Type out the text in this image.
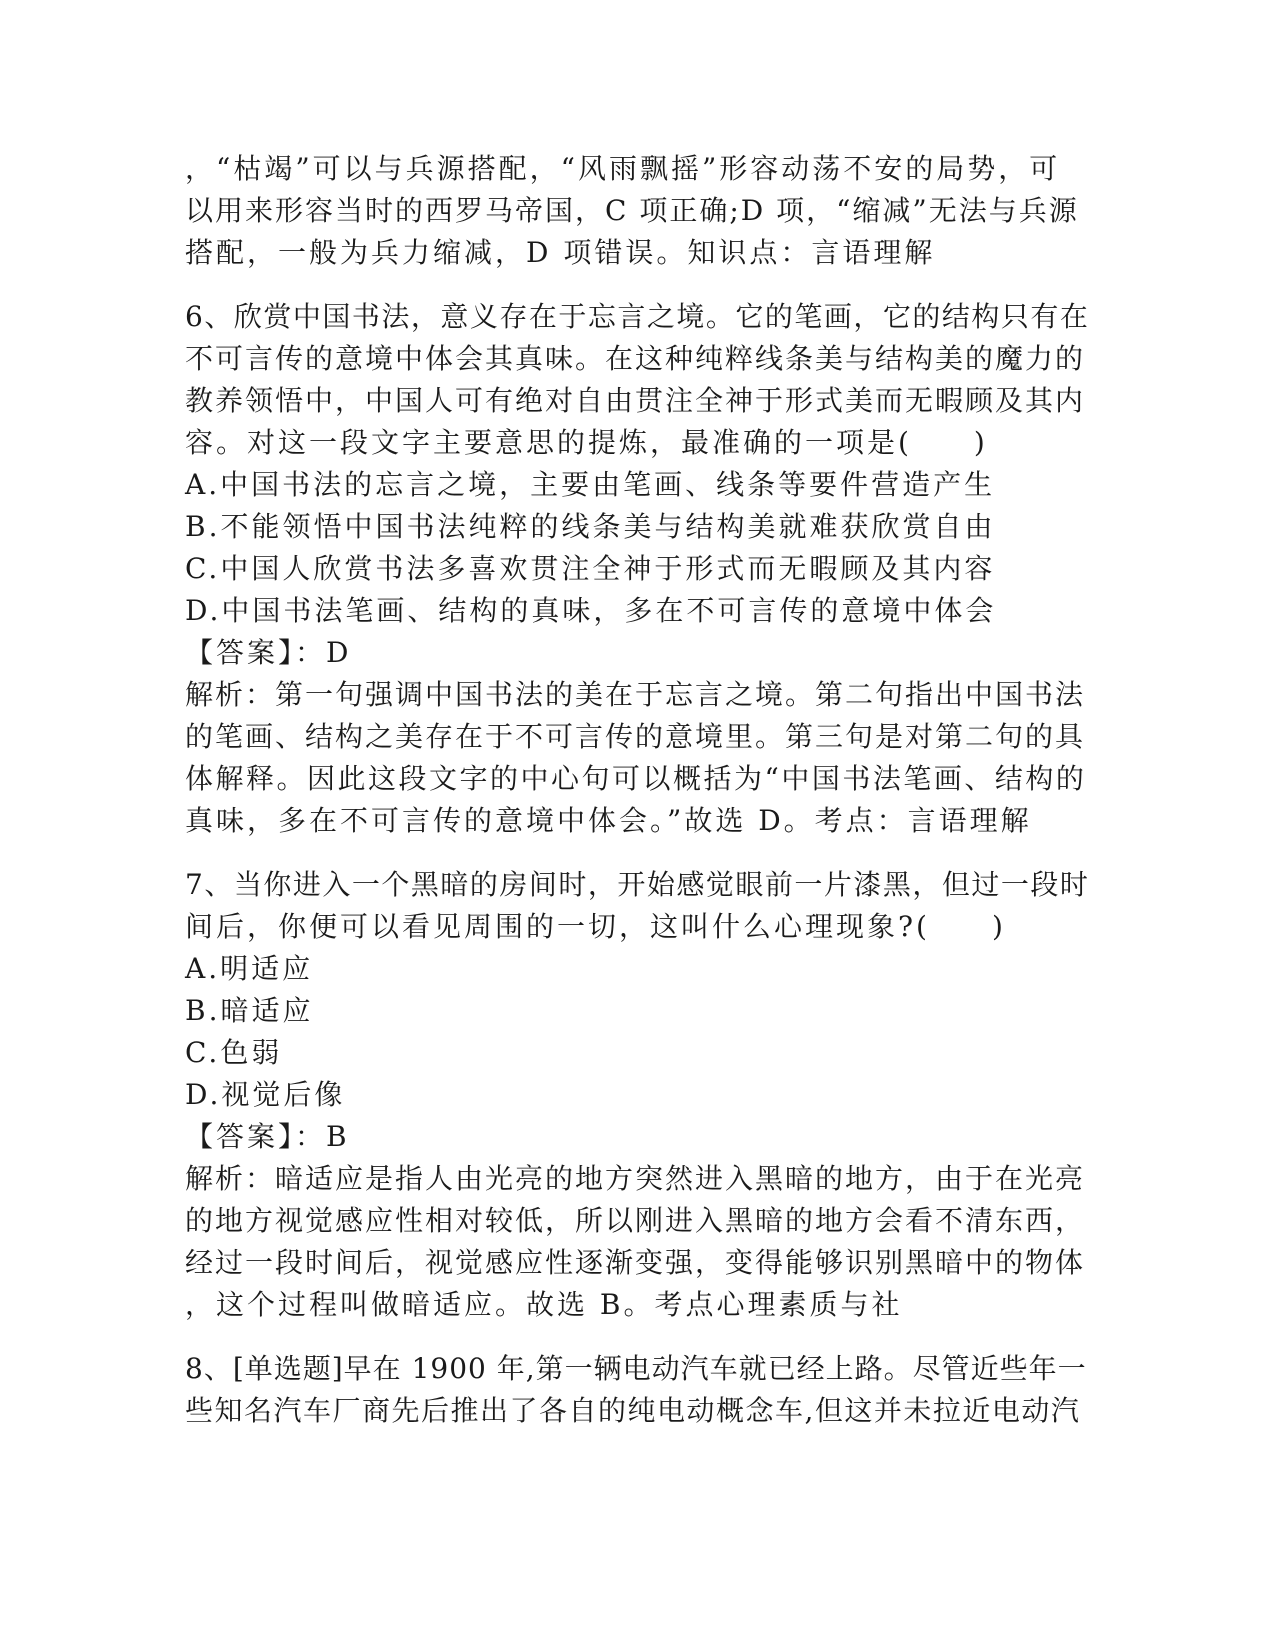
，“枯竭”可以与兵源搭配，“风雨飘摇”形容动荡不安的局势，可
以用来形容当时的西罗马帝国，C 项正确;D 项，“缩减”无法与兵源
搭配，一般为兵力缩减，D 项错误。知识点：言语理解
6、欣赏中国书法，意义存在于忘言之境。它的笔画，它的结构只有在
不可言传的意境中体会其真味。在这种纯粹线条美与结构美的魔力的
教养领悟中，中国人可有绝对自由贯注全神于形式美而无暇顾及其内
容。对这一段文字主要意思的提炼，最准确的一项是(　　)
A.中国书法的忘言之境，主要由笔画、线条等要件营造产生
B.不能领悟中国书法纯粹的线条美与结构美就难获欣赏自由
C.中国人欣赏书法多喜欢贯注全神于形式而无暇顾及其内容
D.中国书法笔画、结构的真味，多在不可言传的意境中体会
【答案】：D
解析：第一句强调中国书法的美在于忘言之境。第二句指出中国书法
的笔画、结构之美存在于不可言传的意境里。第三句是对第二句的具
体解释。因此这段文字的中心句可以概括为“中国书法笔画、结构的
真味，多在不可言传的意境中体会。”故选 D。考点：言语理解
7、当你进入一个黑暗的房间时，开始感觉眼前一片漆黑，但过一段时
间后，你便可以看见周围的一切，这叫什么心理现象?(　　)
A.明适应
B.暗适应
C.色弱
D.视觉后像
【答案】：B
解析：暗适应是指人由光亮的地方突然进入黑暗的地方，由于在光亮
的地方视觉感应性相对较低，所以刚进入黑暗的地方会看不清东西，
经过一段时间后，视觉感应性逐渐变强，变得能够识别黑暗中的物体
，这个过程叫做暗适应。故选 B。考点心理素质与社
8、[单选题]早在 1900 年,第一辆电动汽车就已经上路。尽管近些年一
些知名汽车厂商先后推出了各自的纯电动概念车,但这并未拉近电动汽
